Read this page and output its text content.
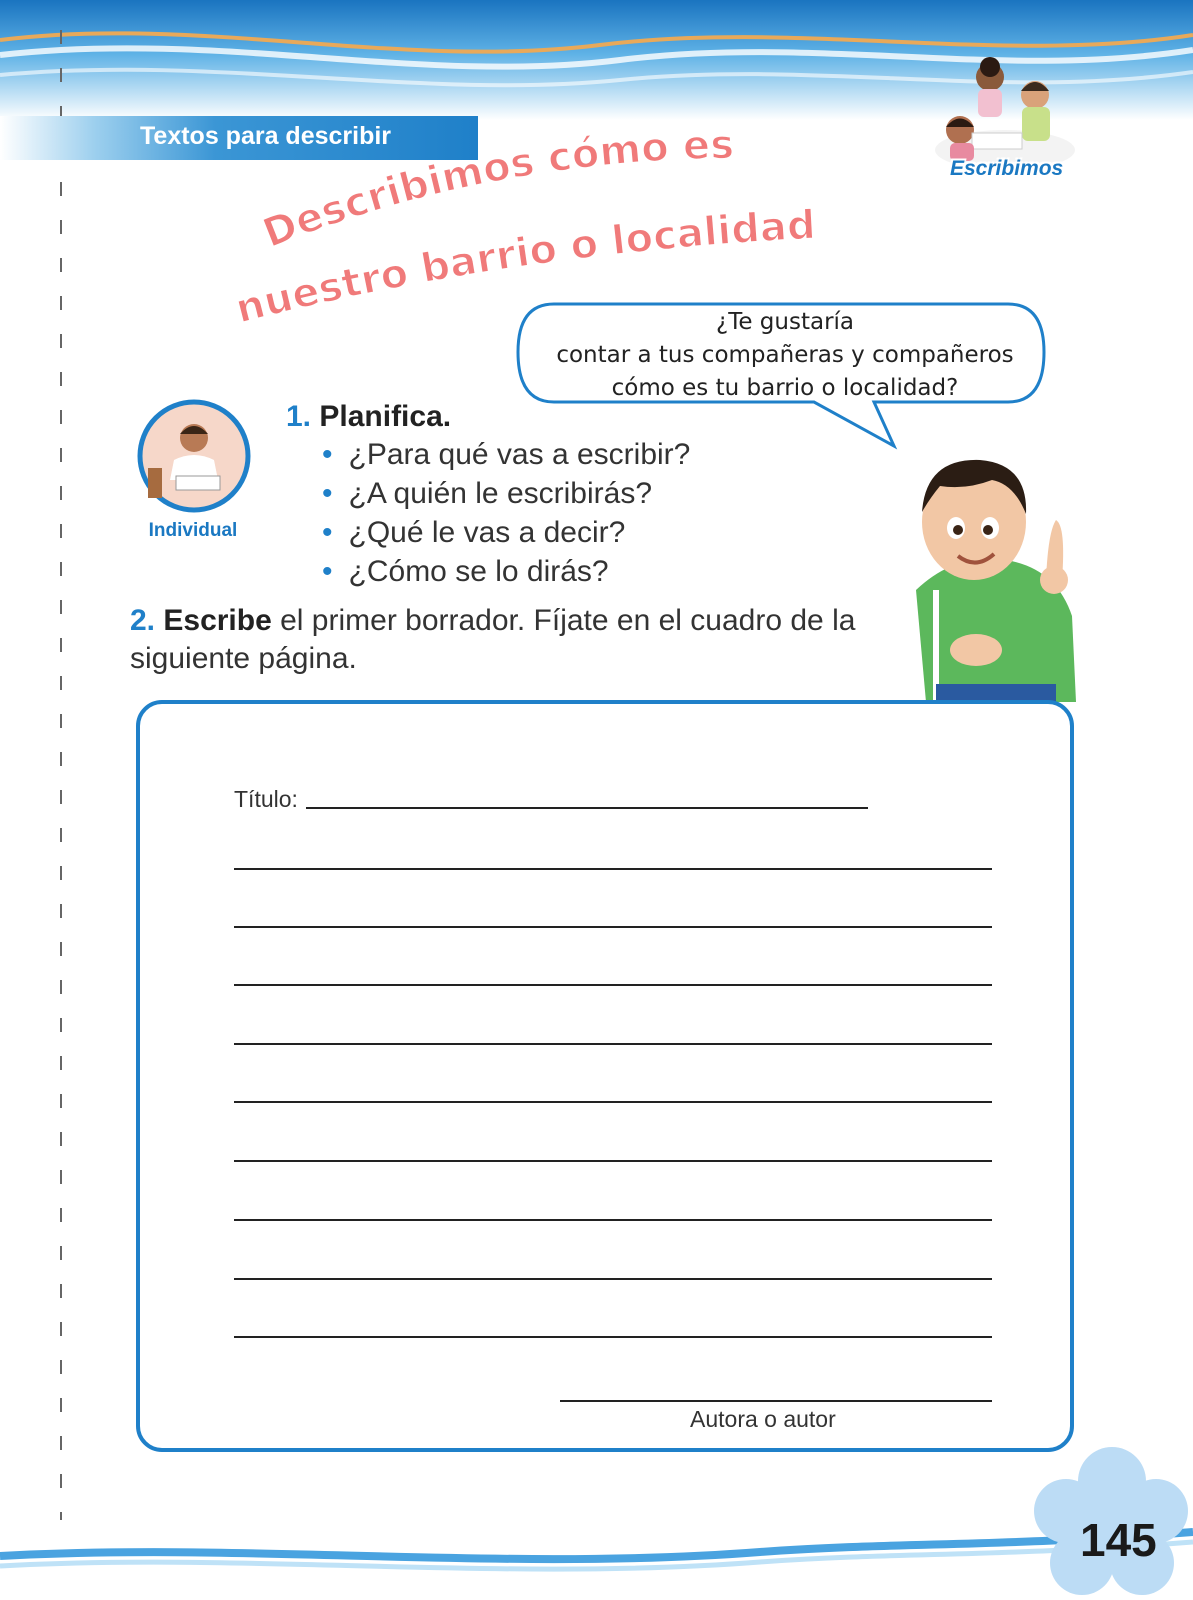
Textos para describir
Escribimos
Describimos cómo es
nuestro barrio o localidad
¿Te gustaría
contar a tus compañeras y compañeros
cómo es tu barrio o localidad?
Individual
1. Planifica.
• ¿Para qué vas a escribir?
• ¿A quién le escribirás?
• ¿Qué le vas a decir?
• ¿Cómo se lo dirás?
2. Escribe el primer borrador. Fíjate en el cuadro de la siguiente página.
Título:
Autora o autor
145
